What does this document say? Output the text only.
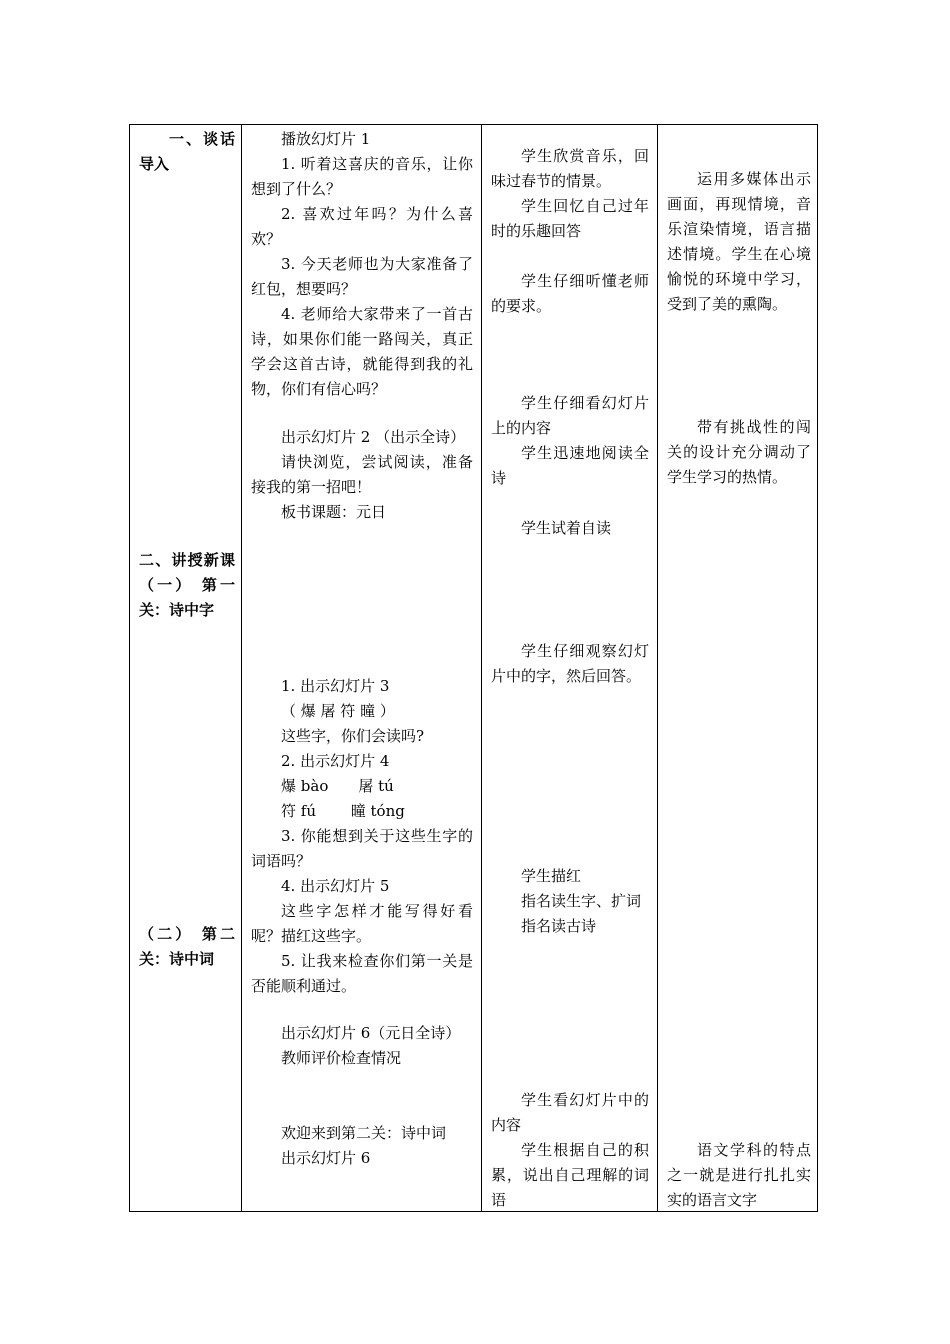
一、谈话导入

二、讲授新课（一） 第一关：诗中字

（二） 第二关：诗中词

播放幻灯片 1

1. 听着这喜庆的音乐，让你想到了什么？

2. 喜欢过年吗？为什么喜欢？

3. 今天老师也为大家准备了红包，想要吗？

4. 老师给大家带来了一首古诗，如果你们能一路闯关，真正学会这首古诗，就能得到我的礼物，你们有信心吗？

出示幻灯片 2 （出示全诗）

请快浏览，尝试阅读，准备接我的第一招吧！

板书课题：元日

1. 出示幻灯片 3

（ 爆 屠 符 曈 ）

这些字，你们会读吗?

2. 出示幻灯片 4

爆 bào　　屠 tú

符 fú　　 曈 tóng

3. 你能想到关于这些生字的词语吗？

4. 出示幻灯片 5

这些字怎样才能写得好看呢？描红这些字。

5. 让我来检查你们第一关是否能顺利通过。

出示幻灯片 6（元日全诗）

教师评价检查情况

欢迎来到第二关：诗中词

出示幻灯片 6

学生欣赏音乐，回味过春节的情景。

学生回忆自己过年时的乐趣回答

学生仔细听懂老师的要求。

学生仔细看幻灯片上的内容

学生迅速地阅读全诗

学生试着自读

学生仔细观察幻灯片中的字，然后回答。

学生描红

指名读生字、扩词

指名读古诗

学生看幻灯片中的内容

学生根据自己的积累，说出自己理解的词语

运用多媒体出示画面，再现情境，音乐渲染情境，语言描述情境。学生在心境愉悦的环境中学习，受到了美的熏陶。

带有挑战性的闯关的设计充分调动了学生学习的热情。

语文学科的特点之一就是进行扎扎实实的语言文字
